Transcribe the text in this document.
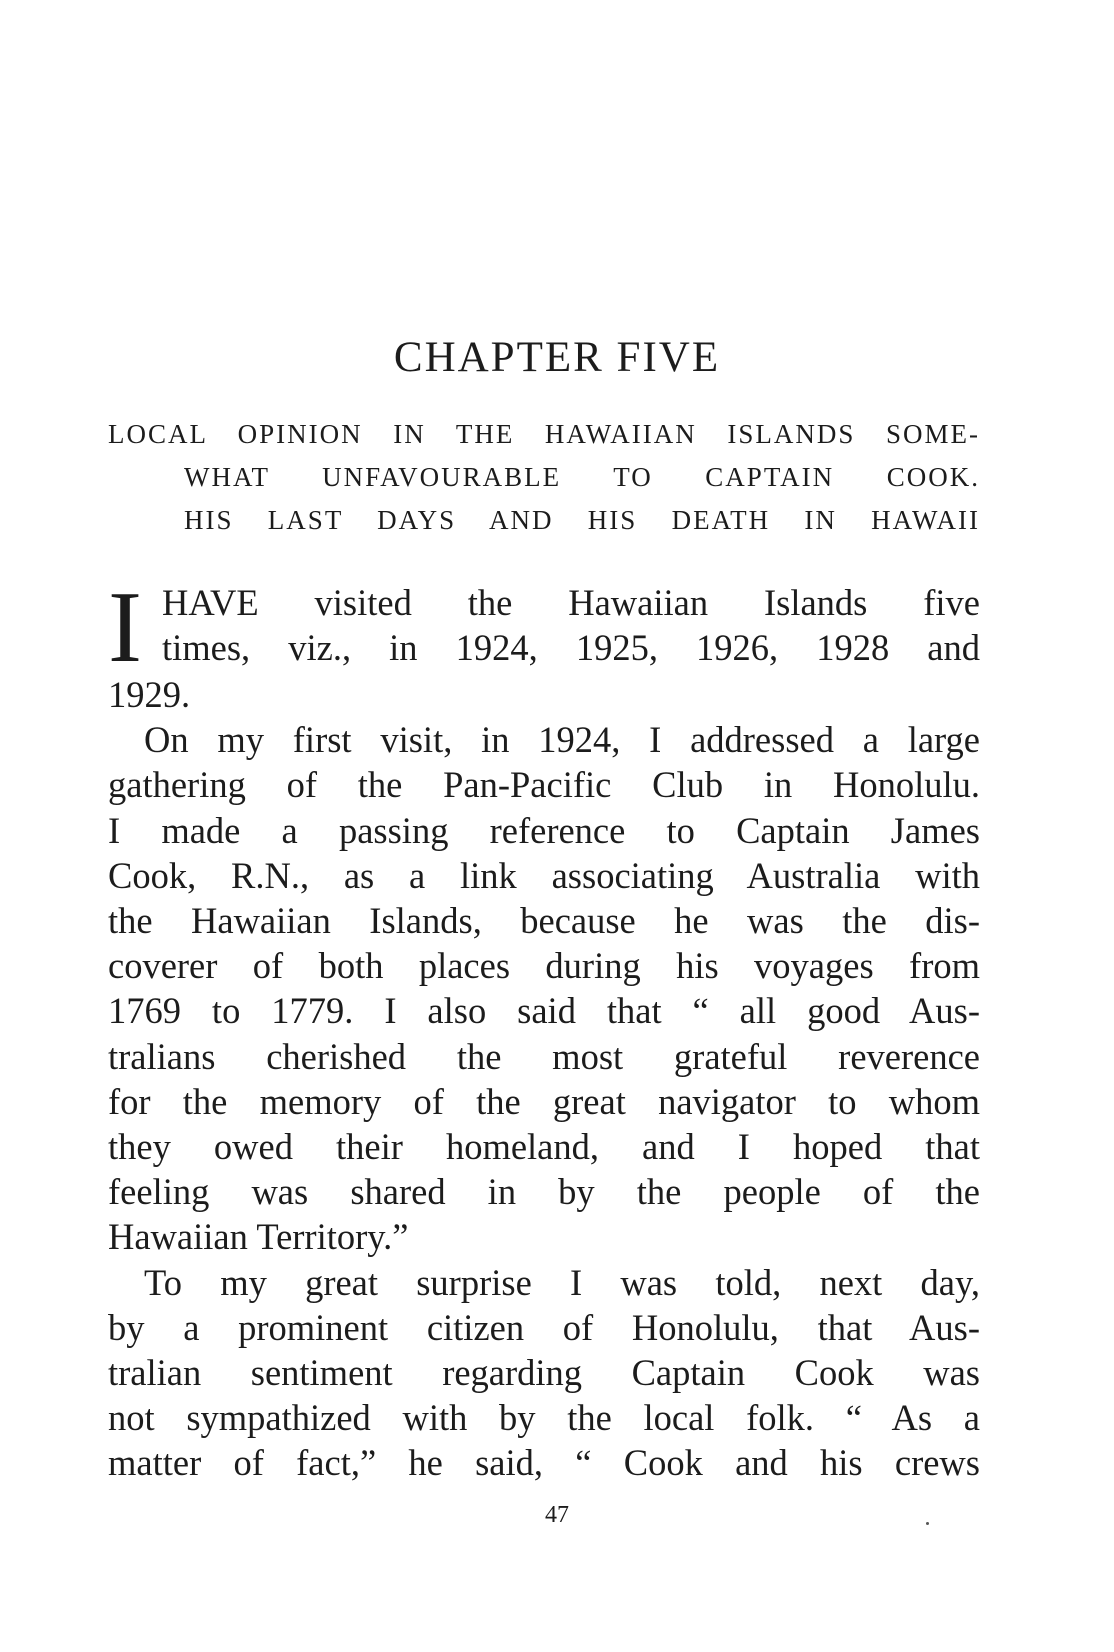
CHAPTER FIVE
LOCAL OPINION IN THE HAWAIIAN ISLANDS SOME-
WHAT UNFAVOURABLE TO CAPTAIN COOK.
HIS LAST DAYS AND HIS DEATH IN HAWAII
I HAVE visited the Hawaiian Islands five
times, viz., in 1924, 1925, 1926, 1928 and
1929.
On my first visit, in 1924, I addressed a large
gathering of the Pan-Pacific Club in Honolulu.
I made a passing reference to Captain James
Cook, R.N., as a link associating Australia with
the Hawaiian Islands, because he was the dis-
coverer of both places during his voyages from
1769 to 1779. I also said that “ all good Aus-
tralians cherished the most grateful reverence
for the memory of the great navigator to whom
they owed their homeland, and I hoped that
feeling was shared in by the people of the
Hawaiian Territory.”
To my great surprise I was told, next day,
by a prominent citizen of Honolulu, that Aus-
tralian sentiment regarding Captain Cook was
not sympathized with by the local folk. “ As a
matter of fact,” he said, “ Cook and his crews
47
